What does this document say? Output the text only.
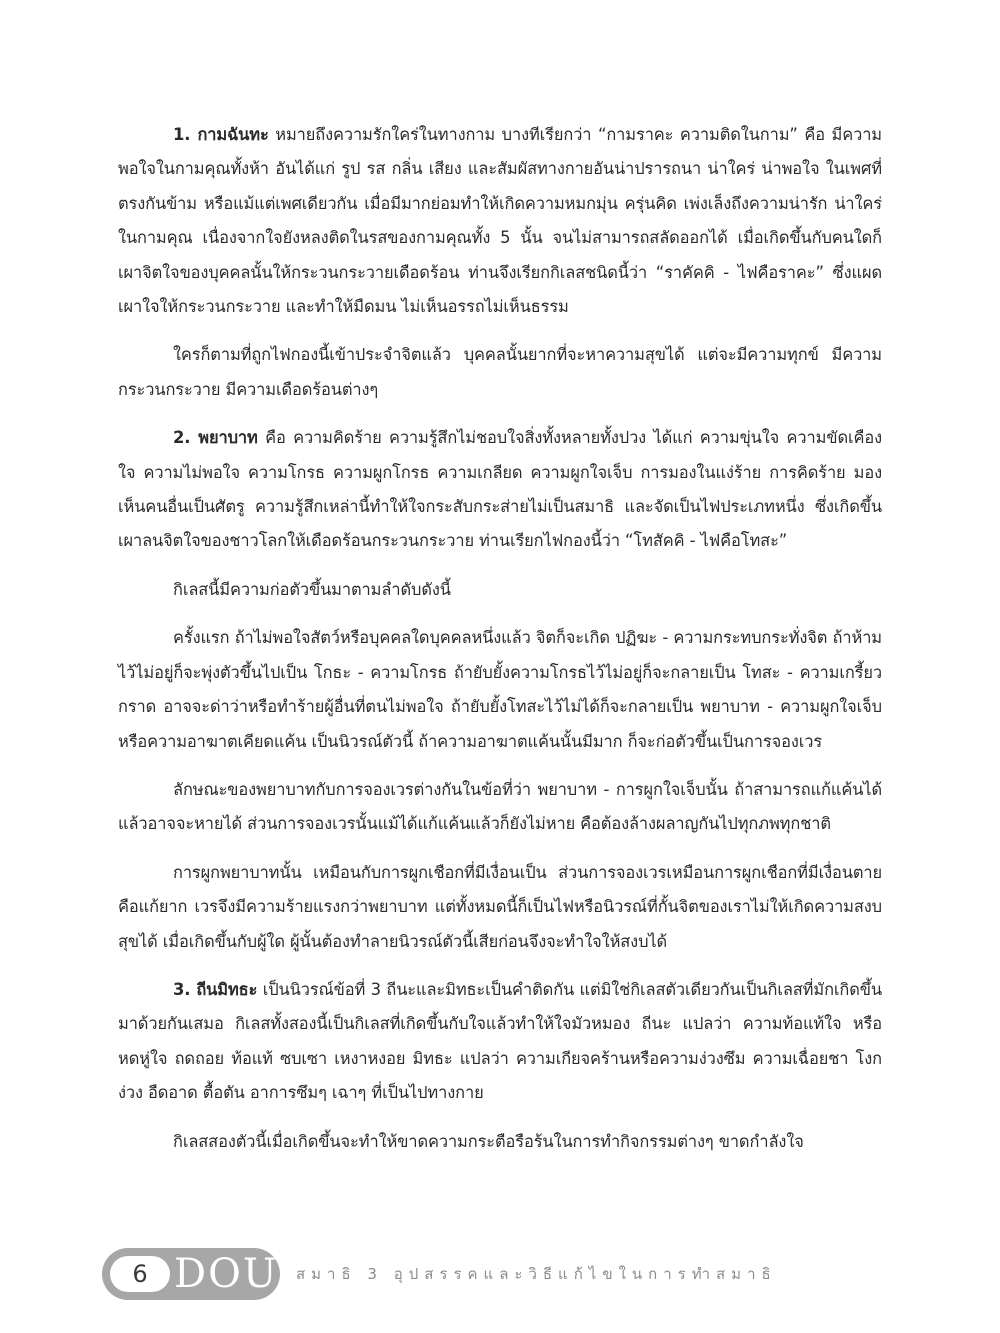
1. กามฉันทะ หมายถึงความรักใคร่ในทางกาม บางทีเรียกว่า “กามราคะ ความติดในกาม” คือ มีความพอใจในกามคุณทั้งห้า อันได้แก่ รูป รส กลิ่น เสียง และสัมผัสทางกายอันน่าปรารถนา น่าใคร่ น่าพอใจ ในเพศที่ตรงกันข้าม หรือแม้แต่เพศเดียวกัน เมื่อมีมากย่อมทำให้เกิดความหมกมุ่น ครุ่นคิด เพ่งเล็งถึงความน่ารัก น่าใคร่ในกามคุณ เนื่องจากใจยังหลงติดในรสของกามคุณทั้ง 5 นั้น จนไม่สามารถสลัดออกได้ เมื่อเกิดขึ้นกับคนใดก็เผาจิตใจของบุคคลนั้นให้กระวนกระวายเดือดร้อน ท่านจึงเรียกกิเลสชนิดนี้ว่า “ราคัคคิ - ไฟคือราคะ” ซึ่งแผดเผาใจให้กระวนกระวาย และทำให้มืดมน ไม่เห็นอรรถไม่เห็นธรรม

ใครก็ตามที่ถูกไฟกองนี้เข้าประจำจิตแล้ว บุคคลนั้นยากที่จะหาความสุขได้ แต่จะมีความทุกข์ มีความกระวนกระวาย มีความเดือดร้อนต่างๆ

2. พยาบาท คือ ความคิดร้าย ความรู้สึกไม่ชอบใจสิ่งทั้งหลายทั้งปวง ได้แก่ ความขุ่นใจ ความขัดเคืองใจ ความไม่พอใจ ความโกรธ ความผูกโกรธ ความเกลียด ความผูกใจเจ็บ การมองในแง่ร้าย การคิดร้าย มองเห็นคนอื่นเป็นศัตรู ความรู้สึกเหล่านี้ทำให้ใจกระสับกระส่ายไม่เป็นสมาธิ และจัดเป็นไฟประเภทหนึ่ง ซึ่งเกิดขึ้นเผาลนจิตใจของชาวโลกให้เดือดร้อนกระวนกระวาย ท่านเรียกไฟกองนี้ว่า “โทสัคคิ - ไฟคือโทสะ”

กิเลสนี้มีความก่อตัวขึ้นมาตามลำดับดังนี้

ครั้งแรก ถ้าไม่พอใจสัตว์หรือบุคคลใดบุคคลหนึ่งแล้ว จิตก็จะเกิด ปฏิฆะ - ความกระทบกระทั่งจิต ถ้าห้ามไว้ไม่อยู่ก็จะพุ่งตัวขึ้นไปเป็น โกธะ - ความโกรธ ถ้ายับยั้งความโกรธไว้ไม่อยู่ก็จะกลายเป็น โทสะ - ความเกรี้ยวกราด อาจจะด่าว่าหรือทำร้ายผู้อื่นที่ตนไม่พอใจ ถ้ายับยั้งโทสะไว้ไม่ได้ก็จะกลายเป็น พยาบาท - ความผูกใจเจ็บ หรือความอาฆาตเคียดแค้น เป็นนิวรณ์ตัวนี้ ถ้าความอาฆาตแค้นนั้นมีมาก ก็จะก่อตัวขึ้นเป็นการจองเวร

ลักษณะของพยาบาทกับการจองเวรต่างกันในข้อที่ว่า พยาบาท - การผูกใจเจ็บนั้น ถ้าสามารถแก้แค้นได้แล้วอาจจะหายได้ ส่วนการจองเวรนั้นแม้ได้แก้แค้นแล้วก็ยังไม่หาย คือต้องล้างผลาญกันไปทุกภพทุกชาติ

การผูกพยาบาทนั้น เหมือนกับการผูกเชือกที่มีเงื่อนเป็น ส่วนการจองเวรเหมือนการผูกเชือกที่มีเงื่อนตาย คือแก้ยาก เวรจึงมีความร้ายแรงกว่าพยาบาท แต่ทั้งหมดนี้ก็เป็นไฟหรือนิวรณ์ที่กั้นจิตของเราไม่ให้เกิดความสงบสุขได้ เมื่อเกิดขึ้นกับผู้ใด ผู้นั้นต้องทำลายนิวรณ์ตัวนี้เสียก่อนจึงจะทำใจให้สงบได้

3. ถีนมิทธะ เป็นนิวรณ์ข้อที่ 3 ถีนะและมิทธะเป็นคำติดกัน แต่มิใช่กิเลสตัวเดียวกันเป็นกิเลสที่มักเกิดขึ้นมาด้วยกันเสมอ กิเลสทั้งสองนี้เป็นกิเลสที่เกิดขึ้นกับใจแล้วทำให้ใจมัวหมอง ถีนะ แปลว่า ความท้อแท้ใจ หรือหดหู่ใจ ถดถอย ท้อแท้ ซบเซา เหงาหงอย มิทธะ แปลว่า ความเกียจคร้านหรือความง่วงซึม ความเฉื่อยชา โงกง่วง อืดอาด ตื้อตัน อาการซึมๆ เฉาๆ ที่เป็นไปทางกาย

กิเลสสองตัวนี้เมื่อเกิดขึ้นจะทำให้ขาดความกระตือรือร้นในการทำกิจกรรมต่างๆ ขาดกำลังใจ

6 DOU สมาธิ 3 อุปสรรคและวิธีแก้ไขในการทำสมาธิ
